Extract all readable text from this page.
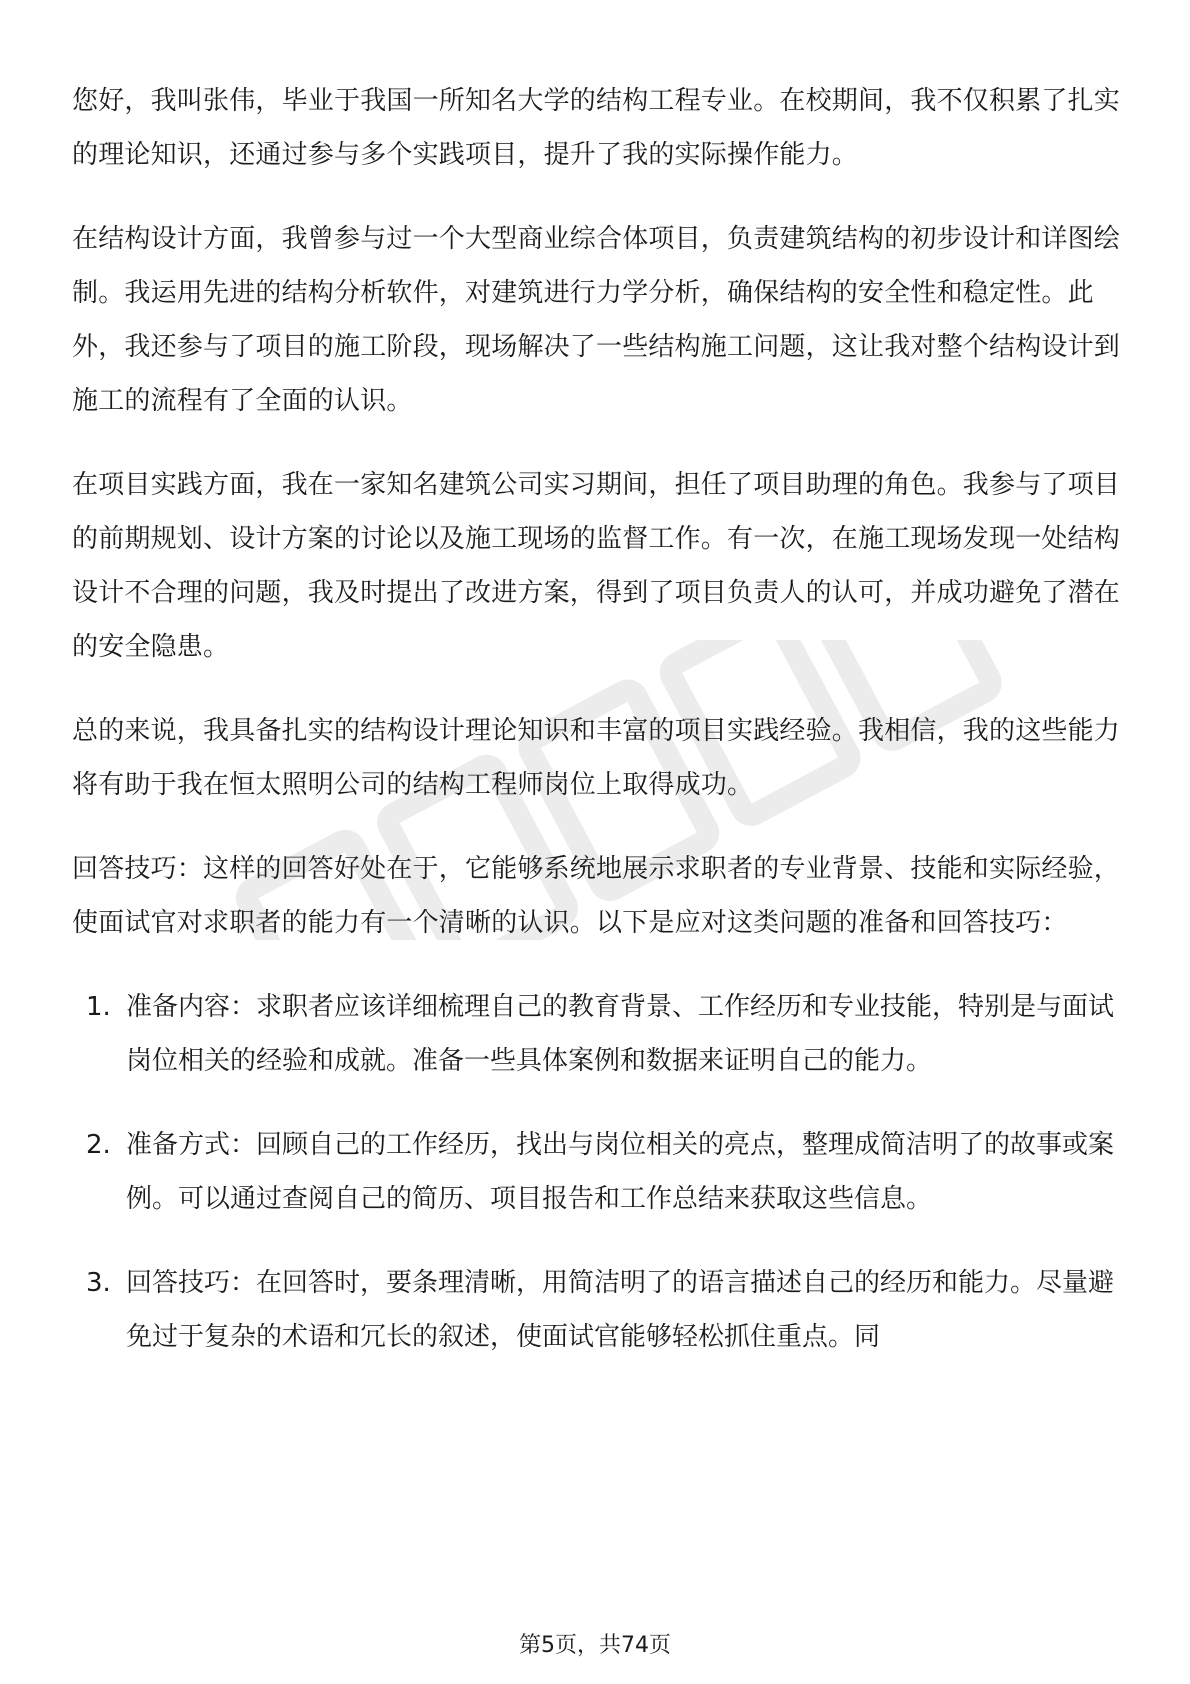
您好，我叫张伟，毕业于我国一所知名大学的结构工程专业。在校期间，我不仅积累了扎实的理论知识，还通过参与多个实践项目，提升了我的实际操作能力。

在结构设计方面，我曾参与过一个大型商业综合体项目，负责建筑结构的初步设计和详图绘制。我运用先进的结构分析软件，对建筑进行力学分析，确保结构的安全性和稳定性。此外，我还参与了项目的施工阶段，现场解决了一些结构施工问题，这让我对整个结构设计到施工的流程有了全面的认识。

在项目实践方面，我在一家知名建筑公司实习期间，担任了项目助理的角色。我参与了项目的前期规划、设计方案的讨论以及施工现场的监督工作。有一次，在施工现场发现一处结构设计不合理的问题，我及时提出了改进方案，得到了项目负责人的认可，并成功避免了潜在的安全隐患。

总的来说，我具备扎实的结构设计理论知识和丰富的项目实践经验。我相信，我的这些能力将有助于我在恒太照明公司的结构工程师岗位上取得成功。

回答技巧：这样的回答好处在于，它能够系统地展示求职者的专业背景、技能和实际经验，使面试官对求职者的能力有一个清晰的认识。以下是应对这类问题的准备和回答技巧：

1. 准备内容：求职者应该详细梳理自己的教育背景、工作经历和专业技能，特别是与面试岗位相关的经验和成就。准备一些具体案例和数据来证明自己的能力。
2. 准备方式：回顾自己的工作经历，找出与岗位相关的亮点，整理成简洁明了的故事或案例。可以通过查阅自己的简历、项目报告和工作总结来获取这些信息。
3. 回答技巧：在回答时，要条理清晰，用简洁明了的语言描述自己的经历和能力。尽量避免过于复杂的术语和冗长的叙述，使面试官能够轻松抓住重点。同
第5页，共74页
